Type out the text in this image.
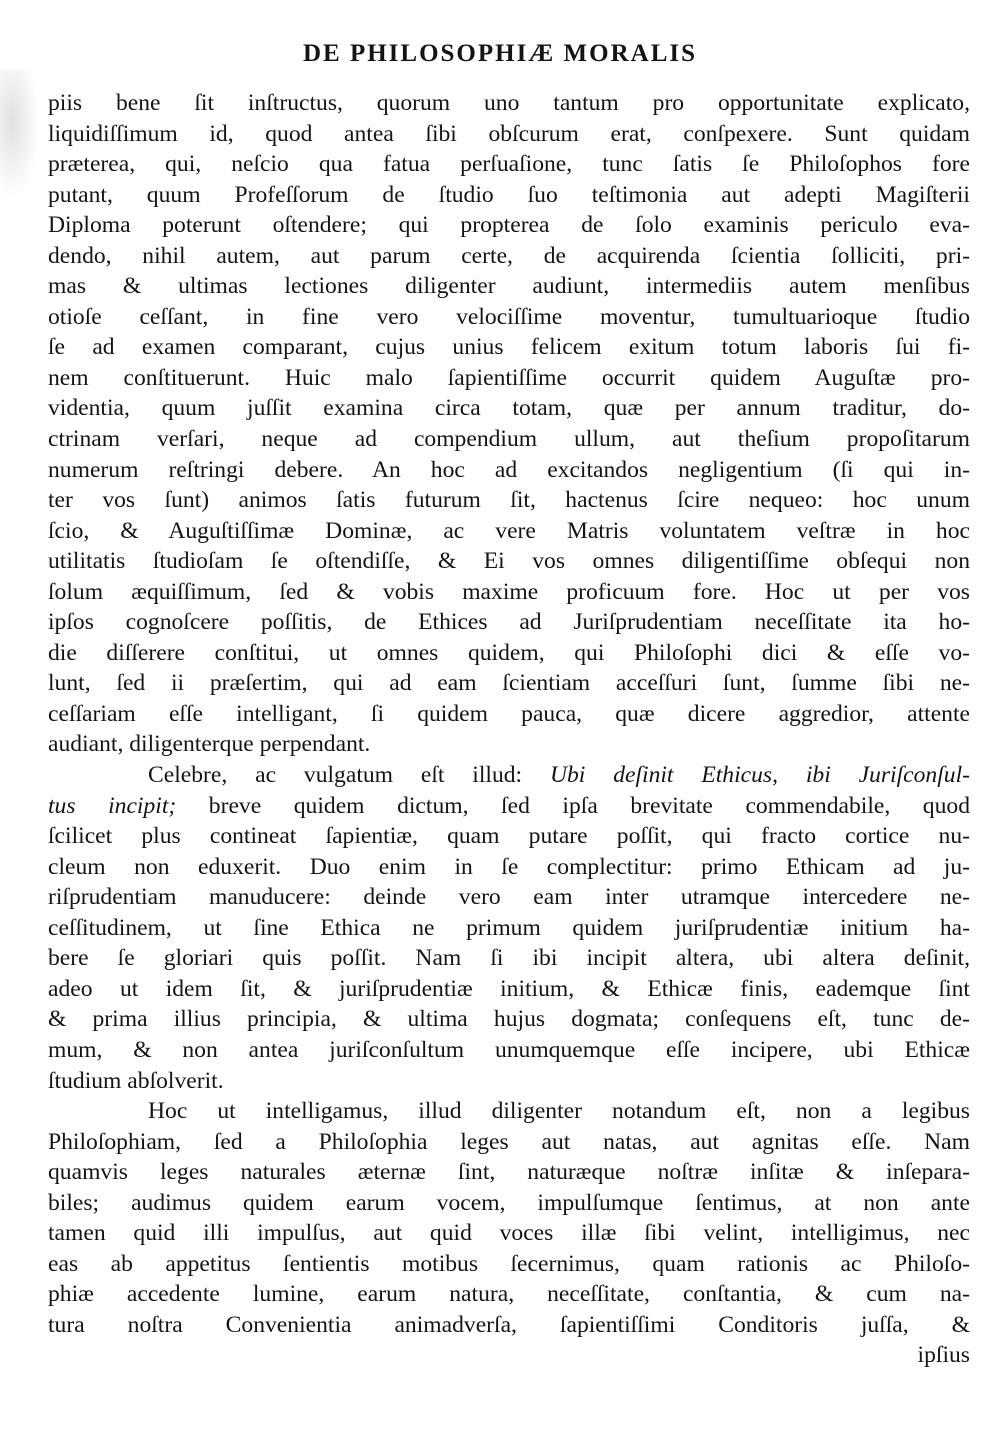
DE PHILOSOPHIÆ MORALIS
piis bene ſit inſtructus, quorum uno tantum pro opportunitate explicato,
liquidiſſimum id, quod antea ſibi obſcurum erat, conſpexere. Sunt quidam
præterea, qui, neſcio qua fatua perſuaſione, tunc ſatis ſe Philoſophos fore
putant, quum Profeſſorum de ſtudio ſuo teſtimonia aut adepti Magiſterii
Diploma poterunt oſtendere; qui propterea de ſolo examinis periculo eva-
dendo, nihil autem, aut parum certe, de acquirenda ſcientia ſolliciti, pri-
mas & ultimas lectiones diligenter audiunt, intermediis autem menſibus
otioſe ceſſant, in fine vero velociſſime moventur, tumultuarioque ſtudio
ſe ad examen comparant, cujus unius felicem exitum totum laboris ſui fi-
nem conſtituerunt. Huic malo ſapientiſſime occurrit quidem Auguſtæ pro-
videntia, quum juſſit examina circa totam, quæ per annum traditur, do-
ctrinam verſari, neque ad compendium ullum, aut theſium propoſitarum
numerum reſtringi debere. An hoc ad excitandos negligentium (ſi qui in-
ter vos ſunt) animos ſatis futurum ſit, hactenus ſcire nequeo: hoc unum
ſcio, & Auguſtiſſimæ Dominæ, ac vere Matris voluntatem veſtræ in hoc
utilitatis ſtudioſam ſe oſtendiſſe, & Ei vos omnes diligentiſſime obſequi non
ſolum æquiſſimum, ſed & vobis maxime proficuum fore. Hoc ut per vos
ipſos cognoſcere poſſitis, de Ethices ad Juriſprudentiam neceſſitate ita ho-
die diſſerere conſtitui, ut omnes quidem, qui Philoſophi dici & eſſe vo-
lunt, ſed ii præſertim, qui ad eam ſcientiam acceſſuri ſunt, ſumme ſibi ne-
ceſſariam eſſe intelligant, ſi quidem pauca, quæ dicere aggredior, attente
audiant, diligenterque perpendant.
Celebre, ac vulgatum eſt illud: Ubi deſinit Ethicus, ibi Juriſconſul-
tus incipit; breve quidem dictum, ſed ipſa brevitate commendabile, quod
ſcilicet plus contineat ſapientiæ, quam putare poſſit, qui fracto cortice nu-
cleum non eduxerit. Duo enim in ſe complectitur: primo Ethicam ad ju-
riſprudentiam manuducere: deinde vero eam inter utramque intercedere ne-
ceſſitudinem, ut ſine Ethica ne primum quidem juriſprudentiæ initium ha-
bere ſe gloriari quis poſſit. Nam ſi ibi incipit altera, ubi altera deſinit,
adeo ut idem ſit, & juriſprudentiæ initium, & Ethicæ finis, eademque ſint
& prima illius principia, & ultima hujus dogmata; conſequens eſt, tunc de-
mum, & non antea juriſconſultum unumquemque eſſe incipere, ubi Ethicæ
ſtudium abſolverit.
Hoc ut intelligamus, illud diligenter notandum eſt, non a legibus
Philoſophiam, ſed a Philoſophia leges aut natas, aut agnitas eſſe. Nam
quamvis leges naturales æternæ ſint, naturæque noſtræ inſitæ & inſepara-
biles; audimus quidem earum vocem, impulſumque ſentimus, at non ante
tamen quid illi impulſus, aut quid voces illæ ſibi velint, intelligimus, nec
eas ab appetitus ſentientis motibus ſecernimus, quam rationis ac Philoſo-
phiæ accedente lumine, earum natura, neceſſitate, conſtantia, & cum na-
tura noſtra Convenientia animadverſa, ſapientiſſimi Conditoris juſſa, &
ipſius
